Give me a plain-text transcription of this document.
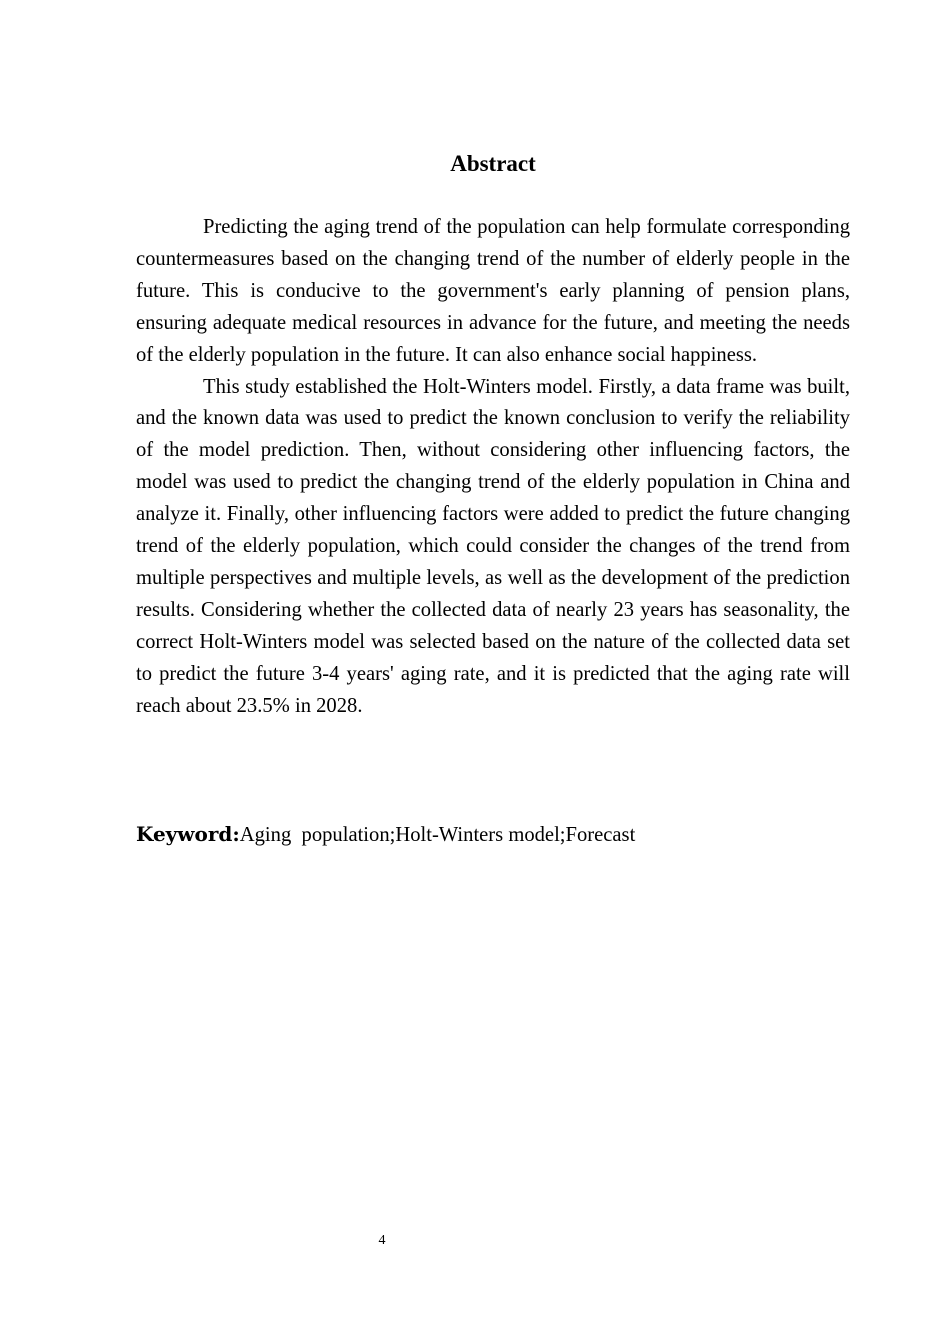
Abstract

Predicting the aging trend of the population can help formulate corresponding countermeasures based on the changing trend of the number of elderly people in the future. This is conducive to the government's early planning of pension plans, ensuring adequate medical resources in advance for the future, and meeting the needs of the elderly population in the future. It can also enhance social happiness.

This study established the Holt-Winters model. Firstly, a data frame was built, and the known data was used to predict the known conclusion to verify the reliability of the model prediction. Then, without considering other influencing factors, the model was used to predict the changing trend of the elderly population in China and analyze it. Finally, other influencing factors were added to predict the future changing trend of the elderly population, which could consider the changes of the trend from multiple perspectives and multiple levels, as well as the development of the prediction results. Considering whether the collected data of nearly 23 years has seasonality, the correct Holt-Winters model was selected based on the nature of the collected data set to predict the future 3-4 years' aging rate, and it is predicted that the aging rate will reach about 23.5% in 2028.

Keyword:Aging  population;Holt-Winters model;Forecast
4
